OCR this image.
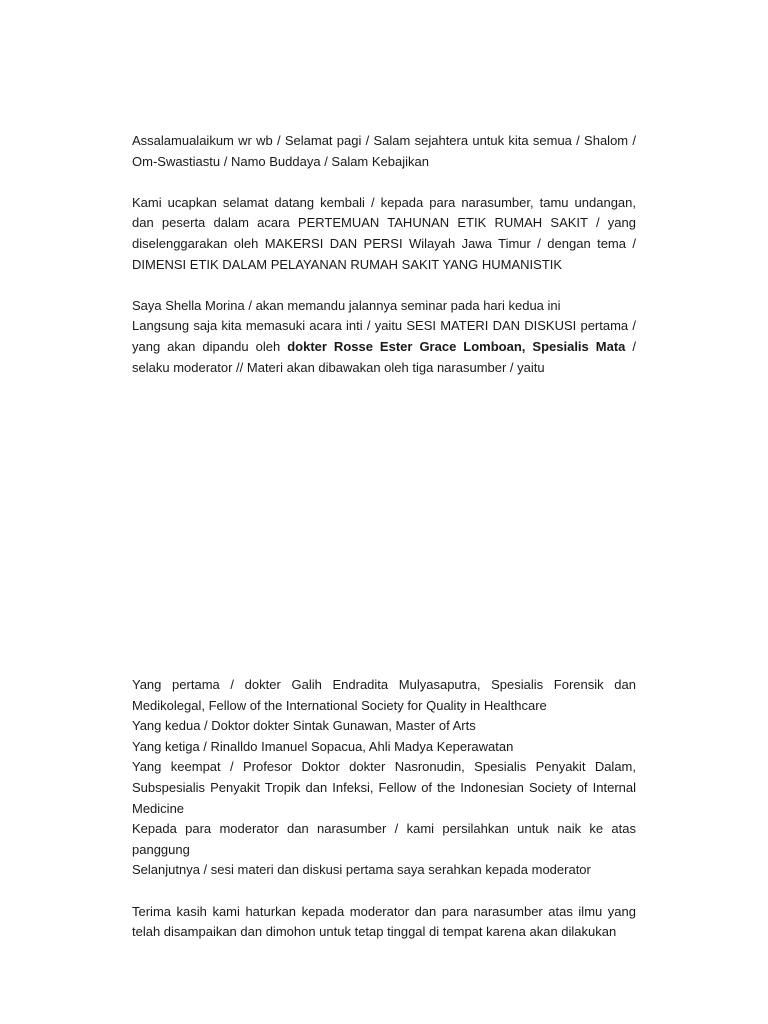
Assalamualaikum wr wb / Selamat pagi / Salam sejahtera untuk kita semua / Shalom / Om-Swastiastu / Namo Buddaya / Salam Kebajikan

Kami ucapkan selamat datang kembali / kepada para narasumber, tamu undangan, dan peserta dalam acara PERTEMUAN TAHUNAN ETIK RUMAH SAKIT / yang diselenggarakan oleh MAKERSI DAN PERSI Wilayah Jawa Timur / dengan tema / DIMENSI ETIK DALAM PELAYANAN RUMAH SAKIT YANG HUMANISTIK

Saya Shella Morina / akan memandu jalannya seminar pada hari kedua ini

Langsung saja kita memasuki acara inti / yaitu SESI MATERI DAN DISKUSI pertama / yang akan dipandu oleh dokter Rosse Ester Grace Lomboan, Spesialis Mata / selaku moderator // Materi akan dibawakan oleh tiga narasumber / yaitu

Yang pertama / dokter Galih Endradita Mulyasaputra, Spesialis Forensik dan Medikolegal, Fellow of the International Society for Quality in Healthcare

Yang kedua / Doktor dokter Sintak Gunawan, Master of Arts

Yang ketiga / Rinalldo Imanuel Sopacua, Ahli Madya Keperawatan

Yang keempat / Profesor Doktor dokter Nasronudin, Spesialis Penyakit Dalam, Subspesialis Penyakit Tropik dan Infeksi, Fellow of the Indonesian Society of Internal Medicine

Kepada para moderator dan narasumber / kami persilahkan untuk naik ke atas panggung

Selanjutnya / sesi materi dan diskusi pertama saya serahkan kepada moderator

Terima kasih kami haturkan kepada moderator dan para narasumber atas ilmu yang telah disampaikan dan dimohon untuk tetap tinggal di tempat karena akan dilakukan
